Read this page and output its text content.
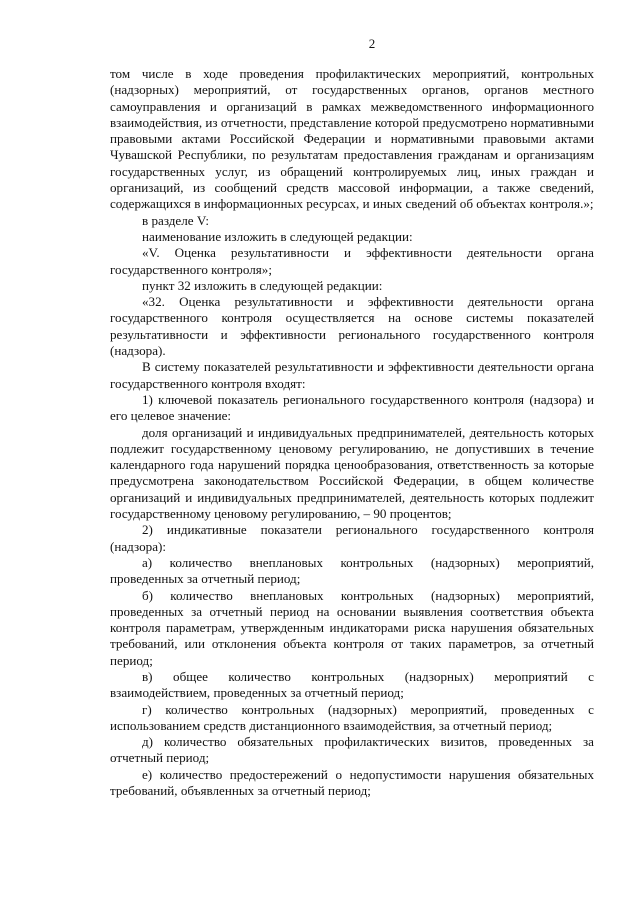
2

том числе в ходе проведения профилактических мероприятий, контрольных (надзорных) мероприятий, от государственных органов, органов местного самоуправления и организаций в рамках межведомственного информационного взаимодействия, из отчетности, представление которой предусмотрено нормативными правовыми актами Российской Федерации и нормативными правовыми актами Чувашской Республики, по результатам предоставления гражданам и организациям государственных услуг, из обращений контролируемых лиц, иных граждан и организаций, из сообщений средств массовой информации, а также сведений, содержащихся в информационных ресурсах, и иных сведений об объектах контроля.»;

в разделе V:

наименование изложить в следующей редакции:

«V. Оценка результативности и эффективности деятельности органа государственного контроля»;

пункт 32 изложить в следующей редакции:

«32. Оценка результативности и эффективности деятельности органа государственного контроля осуществляется на основе системы показателей результативности и эффективности регионального государственного контроля (надзора).

В систему показателей результативности и эффективности деятельности органа государственного контроля входят:

1) ключевой показатель регионального государственного контроля (надзора) и его целевое значение:

доля организаций и индивидуальных предпринимателей, деятельность которых подлежит государственному ценовому регулированию, не допустивших в течение календарного года нарушений порядка ценообразования, ответственность за которые предусмотрена законодательством Российской Федерации, в общем количестве организаций и индивидуальных предпринимателей, деятельность которых подлежит государственному ценовому регулированию, – 90 процентов;

2) индикативные показатели регионального государственного контроля (надзора):

а) количество внеплановых контрольных (надзорных) мероприятий, проведенных за отчетный период;

б) количество внеплановых контрольных (надзорных) мероприятий, проведенных за отчетный период на основании выявления соответствия объекта контроля параметрам, утвержденным индикаторами риска нарушения обязательных требований, или отклонения объекта контроля от таких параметров, за отчетный период;

в) общее количество контрольных (надзорных) мероприятий с взаимодействием, проведенных за отчетный период;

г) количество контрольных (надзорных) мероприятий, проведенных с использованием средств дистанционного взаимодействия, за отчетный период;

д) количество обязательных профилактических визитов, проведенных за отчетный период;

е) количество предостережений о недопустимости нарушения обязательных требований, объявленных за отчетный период;
